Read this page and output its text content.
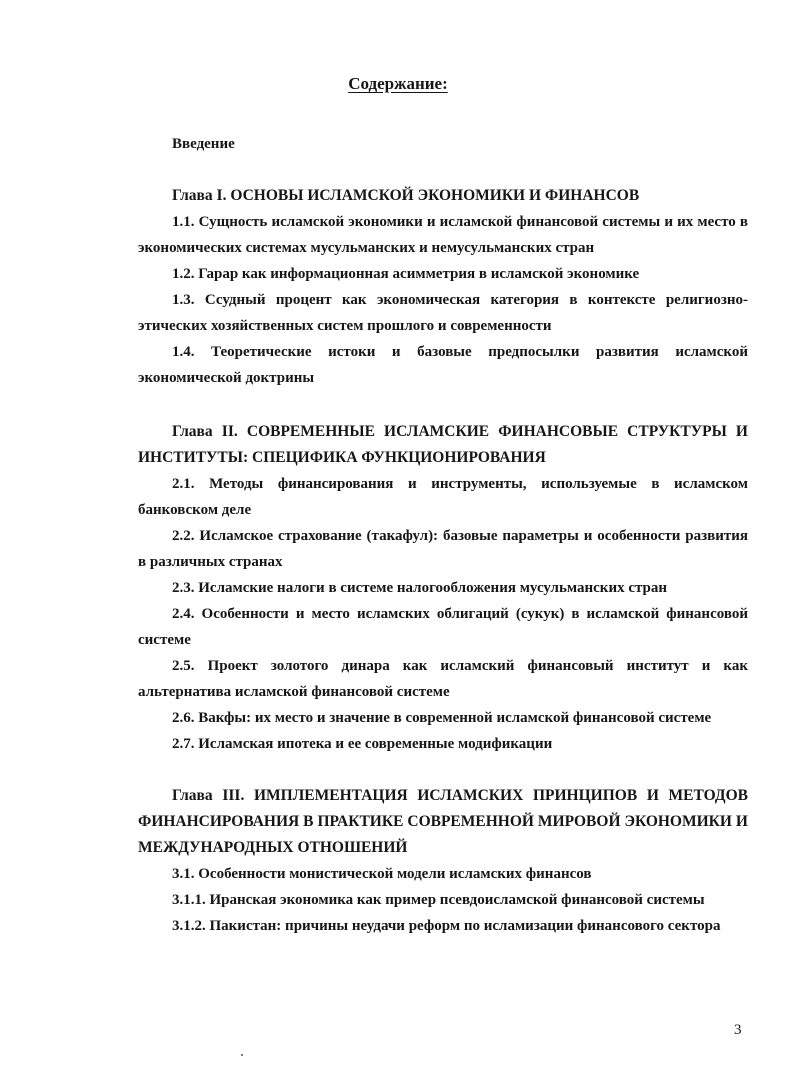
Содержание:

Введение

Глава I. ОСНОВЫ ИСЛАМСКОЙ ЭКОНОМИКИ И ФИНАНСОВ

1.1. Сущность исламской экономики и исламской финансовой системы и их место в экономических системах мусульманских и немусульманских стран

1.2. Гарар как информационная асимметрия в исламской экономике

1.3. Ссудный процент как экономическая категория в контексте религиозно-этических хозяйственных систем прошлого и современности

1.4. Теоретические истоки и базовые предпосылки развития исламской экономической доктрины

Глава II. СОВРЕМЕННЫЕ ИСЛАМСКИЕ ФИНАНСОВЫЕ СТРУКТУРЫ И ИНСТИТУТЫ: СПЕЦИФИКА ФУНКЦИОНИРОВАНИЯ

2.1. Методы финансирования и инструменты, используемые в исламском банковском деле

2.2. Исламское страхование (такафул): базовые параметры и особенности развития в различных странах

2.3. Исламские налоги в системе налогообложения мусульманских стран

2.4. Особенности и место исламских облигаций (сукук) в исламской финансовой системе

2.5. Проект золотого динара как исламский финансовый институт и как альтернатива исламской финансовой системе

2.6. Вакфы: их место и значение в современной исламской финансовой системе

2.7. Исламская ипотека и ее современные модификации

Глава III. ИМПЛЕМЕНТАЦИЯ ИСЛАМСКИХ ПРИНЦИПОВ И МЕТОДОВ ФИНАНСИРОВАНИЯ В ПРАКТИКЕ СОВРЕМЕННОЙ МИРОВОЙ ЭКОНОМИКИ И МЕЖДУНАРОДНЫХ ОТНОШЕНИЙ

3.1. Особенности монистической модели исламских финансов

3.1.1. Иранская экономика как пример псевдоисламской финансовой системы

3.1.2. Пакистан: причины неудачи реформ по исламизации финансового сектора

3
